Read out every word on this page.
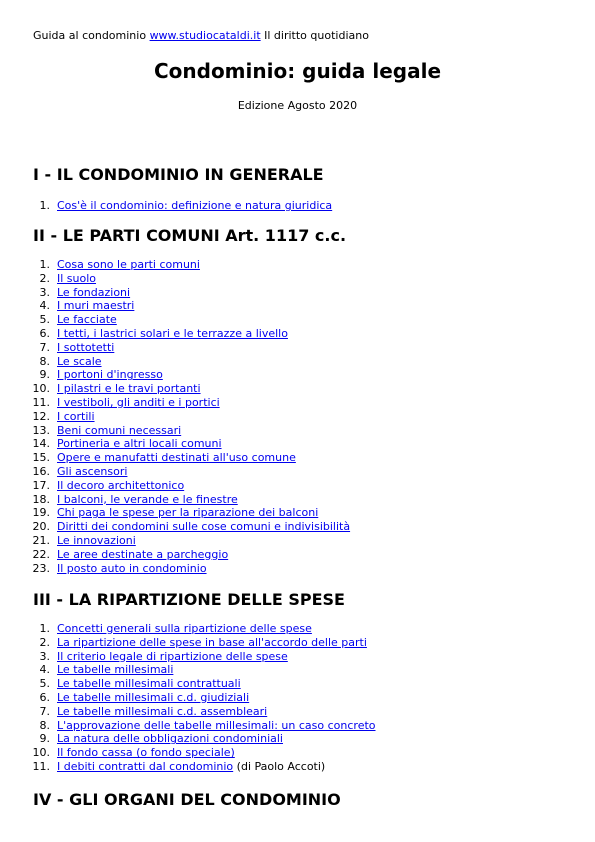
Guida al condominio www.studiocataldi.it Il diritto quotidiano
Condominio: guida legale
Edizione Agosto 2020
I - IL CONDOMINIO IN GENERALE
1. Cos'è il condominio: definizione e natura giuridica
II - LE PARTI COMUNI Art. 1117 c.c.
1. Cosa sono le parti comuni
2. Il suolo
3. Le fondazioni
4. I muri maestri
5. Le facciate
6. I tetti, i lastrici solari e le terrazze a livello
7. I sottotetti
8. Le scale
9. I portoni d'ingresso
10. I pilastri e le travi portanti
11. I vestiboli, gli anditi e i portici
12. I cortili
13. Beni comuni necessari
14. Portineria e altri locali comuni
15. Opere e manufatti destinati all'uso comune
16. Gli ascensori
17. Il decoro architettonico
18. I balconi, le verande e le finestre
19. Chi paga le spese per la riparazione dei balconi
20. Diritti dei condomini sulle cose comuni e indivisibilità
21. Le innovazioni
22. Le aree destinate a parcheggio
23. Il posto auto in condominio
III - LA RIPARTIZIONE DELLE SPESE
1. Concetti generali sulla ripartizione delle spese
2. La ripartizione delle spese in base all'accordo delle parti
3. Il criterio legale di ripartizione delle spese
4. Le tabelle millesimali
5. Le tabelle millesimali contrattuali
6. Le tabelle millesimali c.d. giudiziali
7. Le tabelle millesimali c.d. assembleari
8. L'approvazione delle tabelle millesimali: un caso concreto
9. La natura delle obbligazioni condominiali
10. Il fondo cassa (o fondo speciale)
11. I debiti contratti dal condominio (di Paolo Accoti)
IV - GLI ORGANI DEL CONDOMINIO
